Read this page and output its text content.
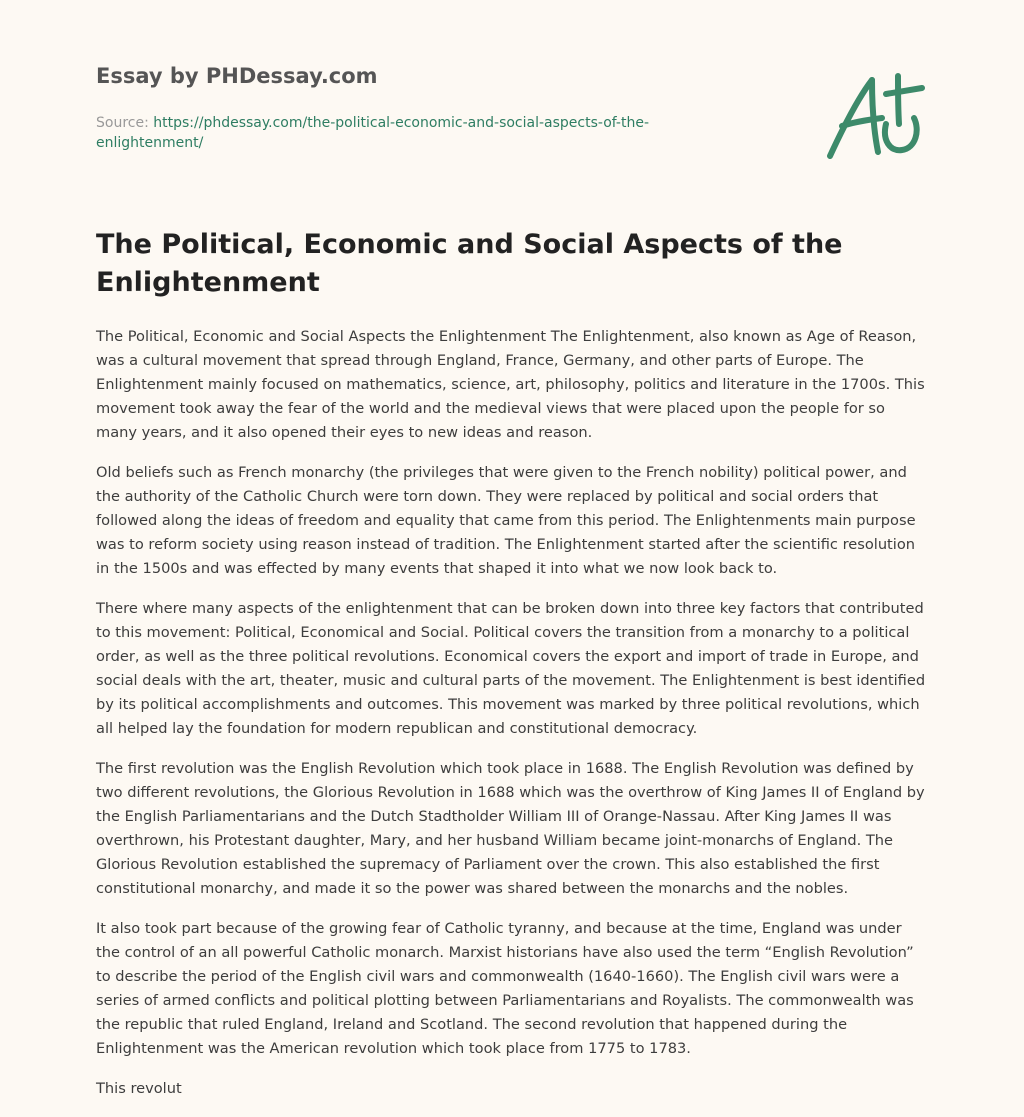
Essay by PHDessay.com
Source: https://phdessay.com/the-political-economic-and-social-aspects-of-the-enlightenment/
The Political, Economic and Social Aspects of the Enlightenment

The Political, Economic and Social Aspects the Enlightenment The Enlightenment, also known as Age of Reason, was a cultural movement that spread through England, France, Germany, and other parts of Europe. The Enlightenment mainly focused on mathematics, science, art, philosophy, politics and literature in the 1700s. This movement took away the fear of the world and the medieval views that were placed upon the people for so many years, and it also opened their eyes to new ideas and reason.

Old beliefs such as French monarchy (the privileges that were given to the French nobility) political power, and the authority of the Catholic Church were torn down. They were replaced by political and social orders that followed along the ideas of freedom and equality that came from this period. The Enlightenments main purpose was to reform society using reason instead of tradition. The Enlightenment started after the scientific resolution in the 1500s and was effected by many events that shaped it into what we now look back to.

There where many aspects of the enlightenment that can be broken down into three key factors that contributed to this movement: Political, Economical and Social. Political covers the transition from a monarchy to a political order, as well as the three political revolutions. Economical covers the export and import of trade in Europe, and social deals with the art, theater, music and cultural parts of the movement. The Enlightenment is best identified by its political accomplishments and outcomes. This movement was marked by three political revolutions, which all helped lay the foundation for modern republican and constitutional democracy.

The first revolution was the English Revolution which took place in 1688. The English Revolution was defined by two different revolutions, the Glorious Revolution in 1688 which was the overthrow of King James II of England by the English Parliamentarians and the Dutch Stadtholder William III of Orange-Nassau. After King James II was overthrown, his Protestant daughter, Mary, and her husband William became joint-monarchs of England. The Glorious Revolution established the supremacy of Parliament over the crown. This also established the first constitutional monarchy, and made it so the power was shared between the monarchs and the nobles.

It also took part because of the growing fear of Catholic tyranny, and because at the time, England was under the control of an all powerful Catholic monarch. Marxist historians have also used the term “English Revolution” to describe the period of the English civil wars and commonwealth (1640-1660). The English civil wars were a series of armed conflicts and political plotting between Parliamentarians and Royalists. The commonwealth was the republic that ruled England, Ireland and Scotland. The second revolution that happened during the Enlightenment was the American revolution which took place from 1775 to 1783.

This revolut
